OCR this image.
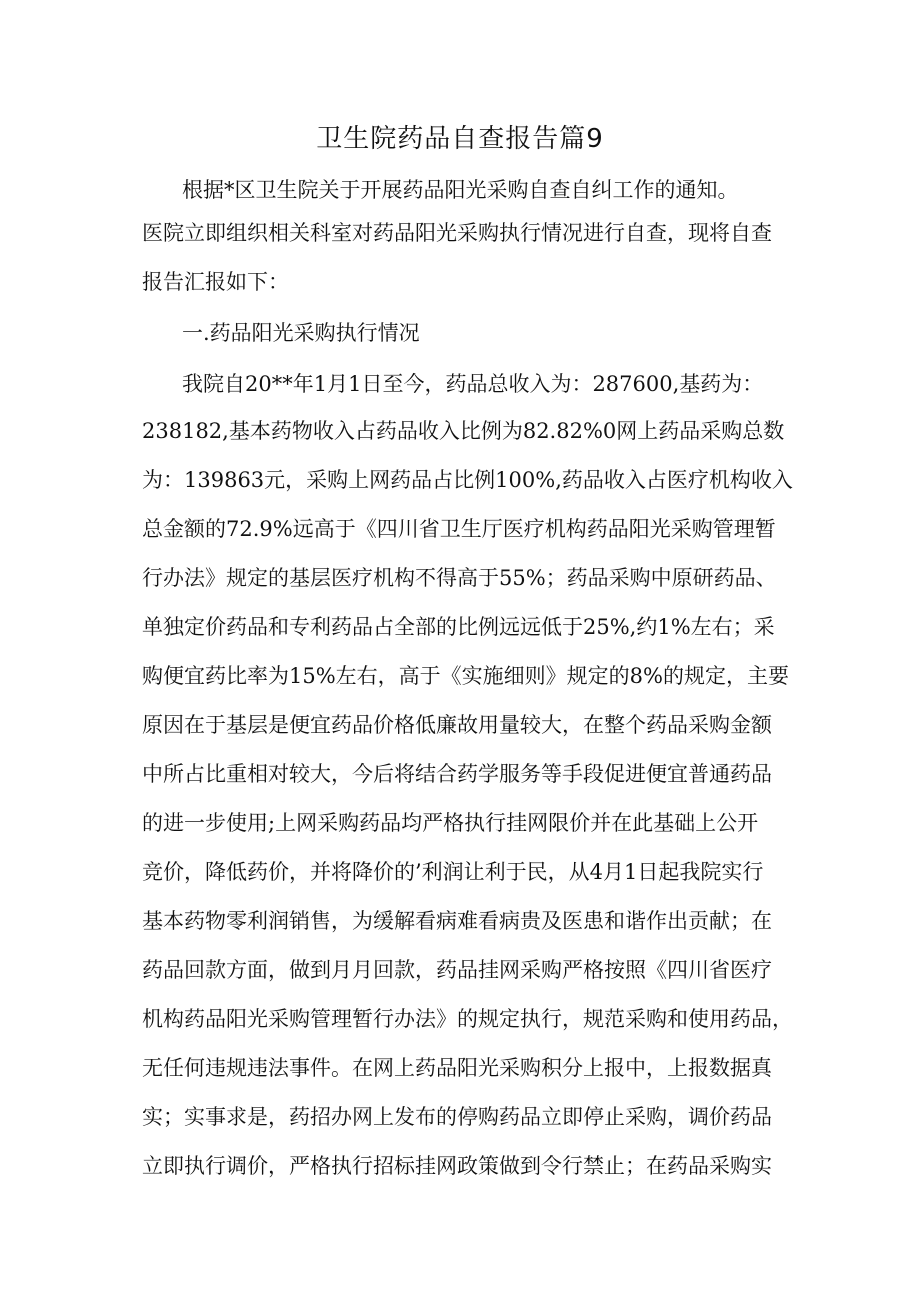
卫生院药品自查报告篇9
根据*区卫生院关于开展药品阳光采购自查自纠工作的通知。
医院立即组织相关科室对药品阳光采购执行情况进行自查，现将自查
报告汇报如下：
一.药品阳光采购执行情况
我院自20**年1月1日至今，药品总收入为：287600,基药为：
238182,基本药物收入占药品收入比例为82.82%0网上药品采购总数
为：139863元，采购上网药品占比例100%,药品收入占医疗机构收入
总金额的72.9%远高于《四川省卫生厅医疗机构药品阳光采购管理暂
行办法》规定的基层医疗机构不得高于55%；药品采购中原研药品、
单独定价药品和专利药品占全部的比例远远低于25%,约1%左右；采
购便宜药比率为15%左右，高于《实施细则》规定的8%的规定，主要
原因在于基层是便宜药品价格低廉故用量较大，在整个药品采购金额
中所占比重相对较大，今后将结合药学服务等手段促进便宜普通药品
的进一步使用;上网采购药品均严格执行挂网限价并在此基础上公开
竞价，降低药价，并将降价的’利润让利于民，从4月1日起我院实行
基本药物零利润销售，为缓解看病难看病贵及医患和谐作出贡献；在
药品回款方面，做到月月回款，药品挂网采购严格按照《四川省医疗
机构药品阳光采购管理暂行办法》的规定执行，规范采购和使用药品，
无任何违规违法事件。在网上药品阳光采购积分上报中，上报数据真
实；实事求是，药招办网上发布的停购药品立即停止采购，调价药品
立即执行调价，严格执行招标挂网政策做到令行禁止；在药品采购实
